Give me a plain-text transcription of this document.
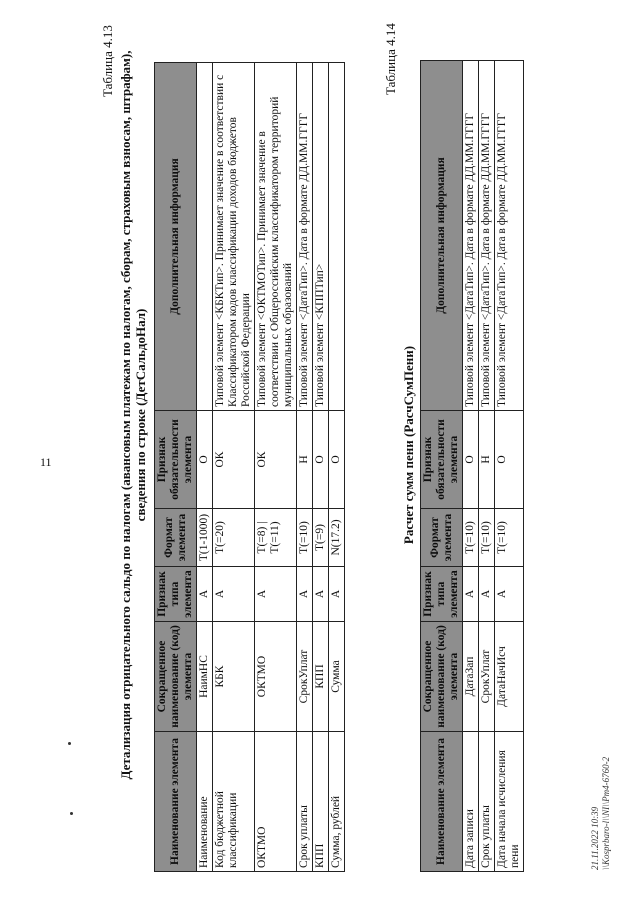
11
Таблица 4.13 Детализация отрицательного сальдо по налогам (авансовым платежам по налогам, сборам, страховым взносам, штрафам), сведения по строке (ДетСальдоНал)
Наименование элемента	Сокращенное наименование (код) элемента	Признак типа элемента	Формат элемента	Признак обязательности элемента	Дополнительная информация
Наименование	НаимНС	А	T(1-1000)	О	
Код бюджетной классификации	КБК	А	T(=20)	ОК	Типовой элемент <КБКТип>. Принимает значение в соответствии с Классификатором кодов классификации доходов бюджетов Российской Федерации
ОКТМО	ОКТМО	А	T(=8) | T(=11)	ОК	Типовой элемент <ОКТМОТип>. Принимает значение в соответствии с Общероссийским классификатором территорий муниципальных образований
Срок уплаты	СрокУплат	А	T(=10)	Н	Типовой элемент <ДатаТип>. Дата в формате ДД.ММ.ГГГГ
КПП	КПП	А	T(=9)	О	Типовой элемент <КППТип>
Сумма, рублей	Сумма	А	N(17.2)	О	
Таблица 4.14
Расчет сумм пени (РасчСумПени)
Наименование элемента	Сокращенное наименование (код) элемента	Признак типа элемента	Формат элемента	Признак обязательности элемента	Дополнительная информация
Дата записи	ДатаЗап	А	T(=10)	О	Типовой элемент <ДатаТип>. Дата в формате ДД.ММ.ГГГГ
Срок уплаты	СрокУплат	А	T(=10)	Н	Типовой элемент <ДатаТип>. Дата в формате ДД.ММ.ГГГГ
Дата начала исчисления пени	ДатаНачИсч	А	T(=10)	О	Типовой элемент <ДатаТип>. Дата в формате ДД.ММ.ГГГГ
21.11.2022 10:39 \\Kosprbaro-l\\NI\\Pm4-6760-2
